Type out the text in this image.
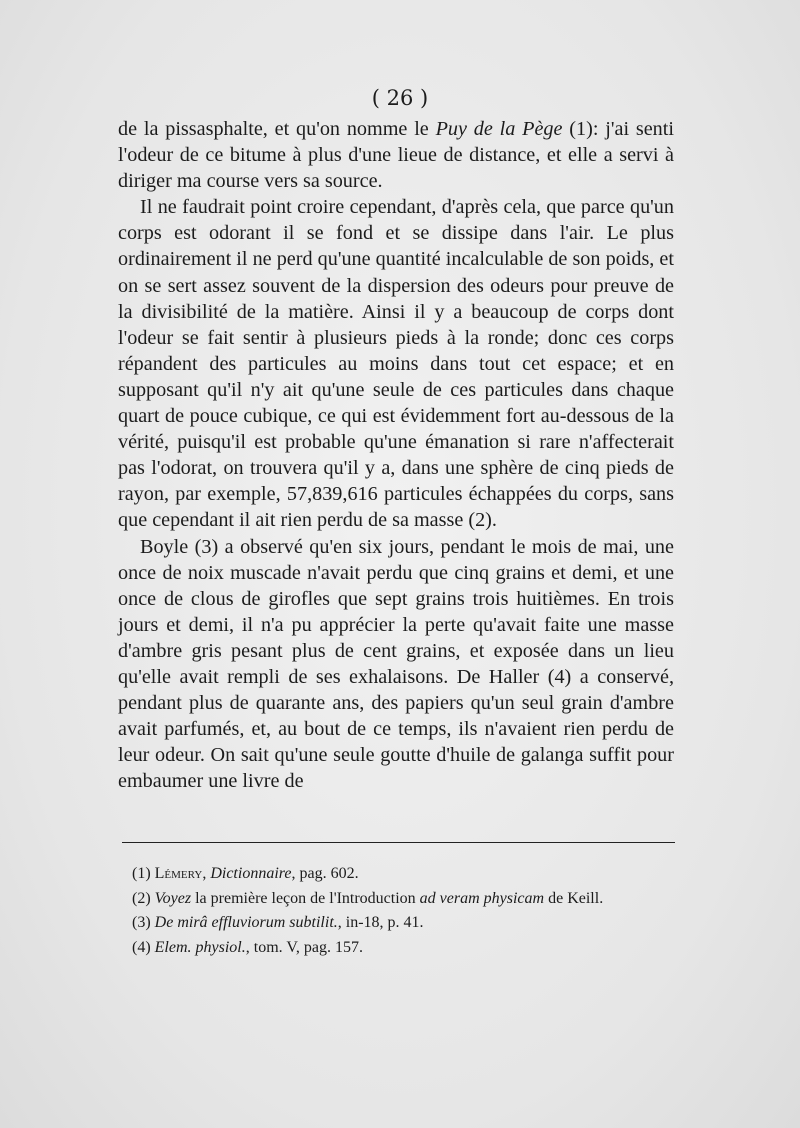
( 26 )

de la pissasphalte, et qu'on nomme le Puy de la Pège (1): j'ai senti l'odeur de ce bitume à plus d'une lieue de distance, et elle a servi à diriger ma course vers sa source.

Il ne faudrait point croire cependant, d'après cela, que parce qu'un corps est odorant il se fond et se dissipe dans l'air. Le plus ordinairement il ne perd qu'une quantité incalculable de son poids, et on se sert assez souvent de la dispersion des odeurs pour preuve de la divisibilité de la matière. Ainsi il y a beaucoup de corps dont l'odeur se fait sentir à plusieurs pieds à la ronde; donc ces corps répandent des particules au moins dans tout cet espace; et en supposant qu'il n'y ait qu'une seule de ces particules dans chaque quart de pouce cubique, ce qui est évidemment fort au-dessous de la vérité, puisqu'il est probable qu'une émanation si rare n'affecterait pas l'odorat, on trouvera qu'il y a, dans une sphère de cinq pieds de rayon, par exemple, 57,839,616 particules échappées du corps, sans que cependant il ait rien perdu de sa masse (2).

Boyle (3) a observé qu'en six jours, pendant le mois de mai, une once de noix muscade n'avait perdu que cinq grains et demi, et une once de clous de girofles que sept grains trois huitièmes. En trois jours et demi, il n'a pu apprécier la perte qu'avait faite une masse d'ambre gris pesant plus de cent grains, et exposée dans un lieu qu'elle avait rempli de ses exhalaisons. De Haller (4) a conservé, pendant plus de quarante ans, des papiers qu'un seul grain d'ambre avait parfumés, et, au bout de ce temps, ils n'avaient rien perdu de leur odeur. On sait qu'une seule goutte d'huile de galanga suffit pour embaumer une livre de

(1) Lémery, Dictionnaire, pag. 602.

(2) Voyez la première leçon de l'Introduction ad veram physicam de Keill.

(3) De mirâ effluviorum subtilit., in-18, p. 41.

(4) Elem. physiol., tom. V, pag. 157.
